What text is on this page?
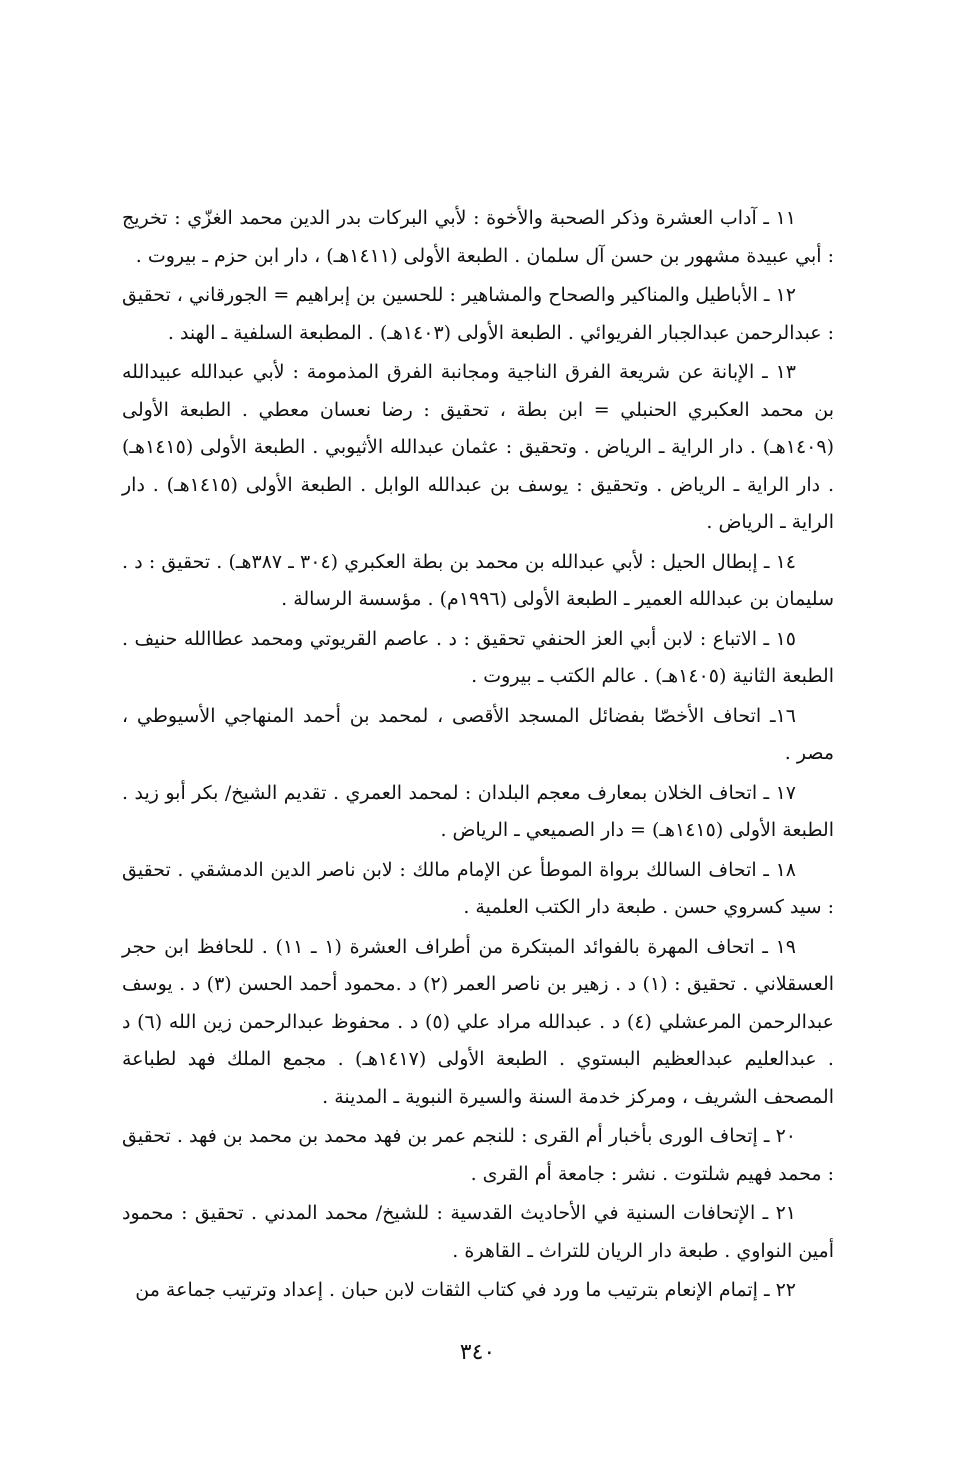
١١ ـ آداب العشرة وذكر الصحبة والأخوة : لأبي البركات بدر الدين محمد الغزّي : تخريج : أبي عبيدة مشهور بن حسن آل سلمان . الطبعة الأولى (١٤١١هـ) ، دار ابن حزم ـ بيروت .

١٢ ـ الأباطيل والمناكير والصحاح والمشاهير : للحسين بن إبراهيم = الجورقاني ، تحقيق : عبدالرحمن عبدالجبار الفريوائي . الطبعة الأولى (١٤٠٣هـ) . المطبعة السلفية ـ الهند .

١٣ ـ الإبانة عن شريعة الفرق الناجية ومجانبة الفرق المذمومة : لأبي عبدالله عبيدالله بن محمد العكبري الحنبلي = ابن بطة ، تحقيق : رضا نعسان معطي . الطبعة الأولى (١٤٠٩هـ) . دار الراية ـ الرياض . وتحقيق : عثمان عبدالله الأثيوبي . الطبعة الأولى (١٤١٥هـ) . دار الراية ـ الرياض . وتحقيق : يوسف بن عبدالله الوابل . الطبعة الأولى (١٤١٥هـ) . دار الراية ـ الرياض .

١٤ ـ إبطال الحيل : لأبي عبدالله بن محمد بن بطة العكبري (٣٠٤ ـ ٣٨٧هـ) . تحقيق : د . سليمان بن عبدالله العمير ـ الطبعة الأولى (١٩٩٦م) . مؤسسة الرسالة .

١٥ ـ الاتباع : لابن أبي العز الحنفي تحقيق : د . عاصم القريوتي ومحمد عطاالله حنيف . الطبعة الثانية (١٤٠٥هـ) . عالم الكتب ـ بيروت .

١٦ـ اتحاف الأخصّا بفضائل المسجد الأقصى ، لمحمد بن أحمد المنهاجي الأسيوطي ، مصر .

١٧ ـ اتحاف الخلان بمعارف معجم البلدان : لمحمد العمري . تقديم الشيخ/ بكر أبو زيد . الطبعة الأولى (١٤١٥هـ) = دار الصميعي ـ الرياض .

١٨ ـ اتحاف السالك برواة الموطأ عن الإمام مالك : لابن ناصر الدين الدمشقي . تحقيق : سيد كسروي حسن . طبعة دار الكتب العلمية .

١٩ ـ اتحاف المهرة بالفوائد المبتكرة من أطراف العشرة (١ ـ ١١) . للحافظ ابن حجر العسقلاني . تحقيق : (١) د . زهير بن ناصر العمر (٢) د .محمود أحمد الحسن (٣) د . يوسف عبدالرحمن المرعشلي (٤) د . عبدالله مراد علي (٥) د . محفوظ عبدالرحمن زين الله (٦) د . عبدالعليم عبدالعظيم البستوي . الطبعة الأولى (١٤١٧هـ) . مجمع الملك فهد لطباعة المصحف الشريف ، ومركز خدمة السنة والسيرة النبوية ـ المدينة .

٢٠ ـ إتحاف الورى بأخبار أم القرى : للنجم عمر بن فهد محمد بن محمد بن فهد . تحقيق : محمد فهيم شلتوت . نشر : جامعة أم القرى .

٢١ ـ الإتحافات السنية في الأحاديث القدسية : للشيخ/ محمد المدني . تحقيق : محمود أمين النواوي . طبعة دار الريان للتراث ـ القاهرة .

٢٢ ـ إتمام الإنعام بترتيب ما ورد في كتاب الثقات لابن حبان . إعداد وترتيب جماعة من

٣٤٠
